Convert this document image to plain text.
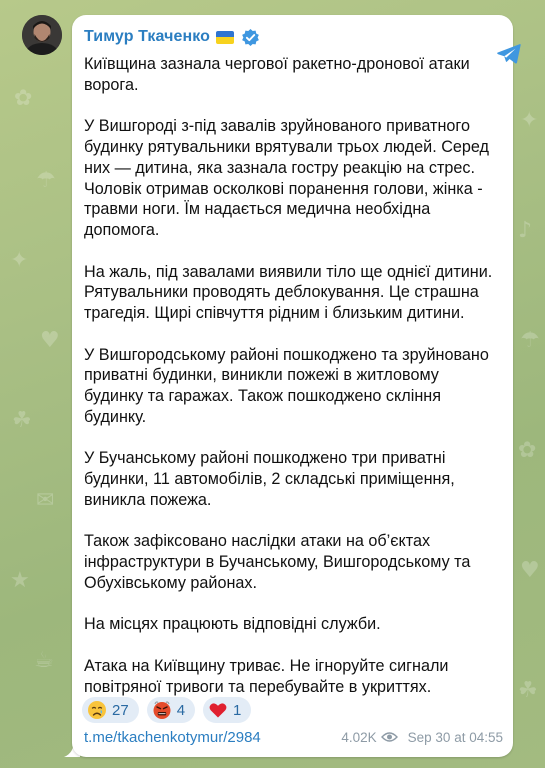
✿
☂
✦
♥
☘
✉
★
☕
✦
♪
☂
✿
♥
☘
Тимур Ткаченко

Київщина зазнала чергової ракетно-дронової атаки
ворога.

У Вишгороді з-під завалів зруйнованого приватного
будинку рятувальники врятували трьох людей. Серед
них — дитина, яка зазнала гостру реакцію на стрес.
Чоловік отримав осколкові поранення голови, жінка -
травми ноги. Їм надається медична необхідна
допомога.

На жаль, під завалами виявили тіло ще однієї дитини.
Рятувальники проводять деблокування. Це страшна
трагедія. Щирі співчуття рідним і близьким дитини.

У Вишгородському районі пошкоджено та зруйновано
приватні будинки, виникли пожежі в житловому
будинку та гаражах. Також пошкоджено скління
будинку.

У Бучанському районі пошкоджено три приватні
будинки, 11 автомобілів, 2 складські приміщення,
виникла пожежа.

Також зафіксовано наслідки атаки на об’єктах
інфраструктури в Бучанському, Вишгородському та
Обухівському районах.

На місцях працюють відповідні служби.

Атака на Київщину триває. Не ігноруйте сигнали
повітряної тривоги та перебувайте в укриттях.

27	4	1
t.me/tkachenkotymur/2984	4.02K Sep 30 at 04:55
